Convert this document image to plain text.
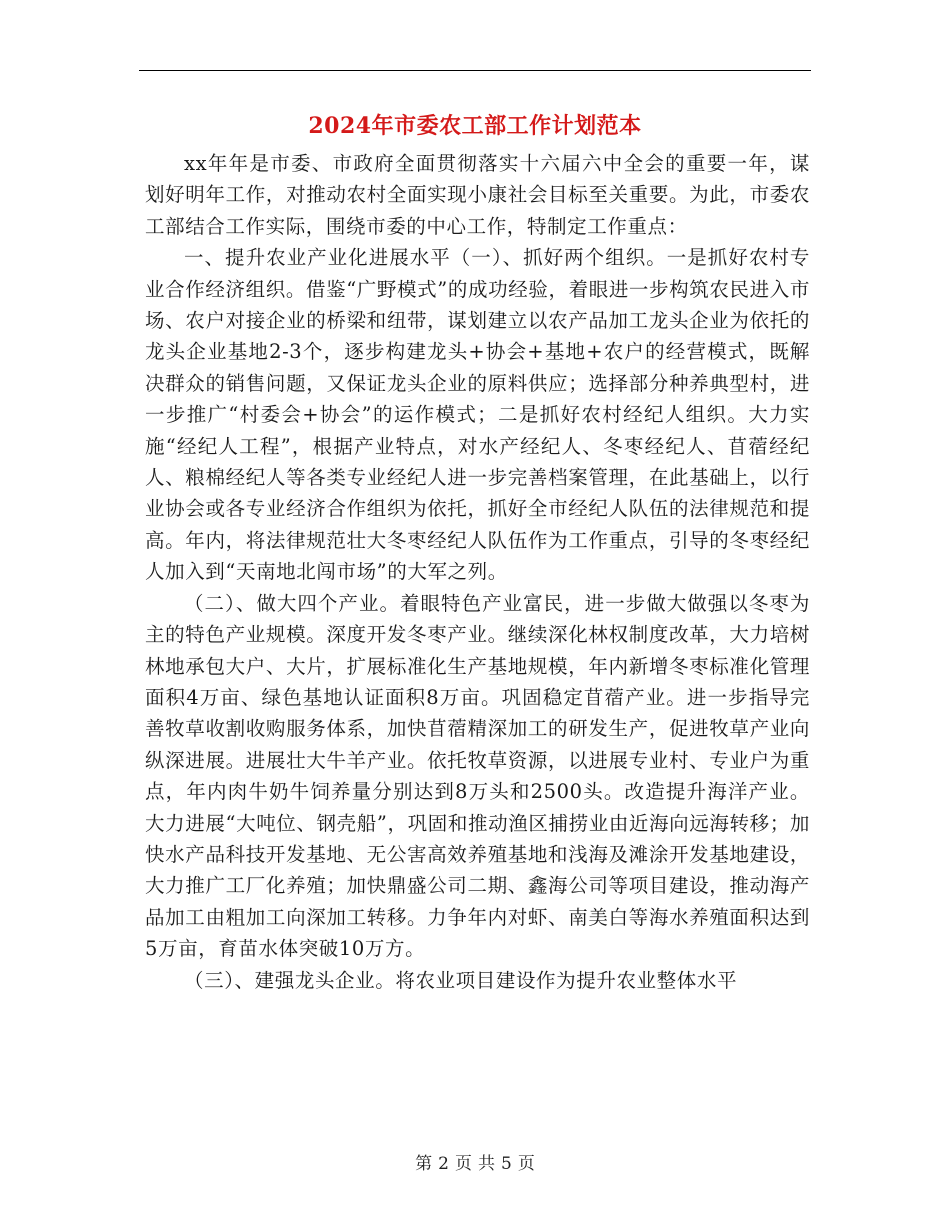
2024年市委农工部工作计划范本

xx年年是市委、市政府全面贯彻落实十六届六中全会的重要一年，谋划好明年工作，对推动农村全面实现小康社会目标至关重要。为此，市委农工部结合工作实际，围绕市委的中心工作，特制定工作重点：

一、提升农业产业化进展水平（一）、抓好两个组织。一是抓好农村专业合作经济组织。借鉴“广野模式”的成功经验，着眼进一步构筑农民进入市场、农户对接企业的桥梁和纽带，谋划建立以农产品加工龙头企业为依托的龙头企业基地2-3个，逐步构建龙头+协会+基地+农户的经营模式，既解决群众的销售问题，又保证龙头企业的原料供应；选择部分种养典型村，进一步推广“村委会+协会”的运作模式；二是抓好农村经纪人组织。大力实施“经纪人工程”，根据产业特点，对水产经纪人、冬枣经纪人、苜蓿经纪人、粮棉经纪人等各类专业经纪人进一步完善档案管理，在此基础上，以行业协会或各专业经济合作组织为依托，抓好全市经纪人队伍的法律规范和提高。年内，将法律规范壮大冬枣经纪人队伍作为工作重点，引导的冬枣经纪人加入到“天南地北闯市场”的大军之列。

（二）、做大四个产业。着眼特色产业富民，进一步做大做强以冬枣为主的特色产业规模。深度开发冬枣产业。继续深化林权制度改革，大力培树林地承包大户、大片，扩展标准化生产基地规模，年内新增冬枣标准化管理面积4万亩、绿色基地认证面积8万亩。巩固稳定苜蓿产业。进一步指导完善牧草收割收购服务体系，加快苜蓿精深加工的研发生产，促进牧草产业向纵深进展。进展壮大牛羊产业。依托牧草资源，以进展专业村、专业户为重点，年内肉牛奶牛饲养量分别达到8万头和2500头。改造提升海洋产业。大力进展“大吨位、钢壳船”，巩固和推动渔区捕捞业由近海向远海转移；加快水产品科技开发基地、无公害高效养殖基地和浅海及滩涂开发基地建设，大力推广工厂化养殖；加快鼎盛公司二期、鑫海公司等项目建设，推动海产品加工由粗加工向深加工转移。力争年内对虾、南美白等海水养殖面积达到5万亩，育苗水体突破10万方。

（三）、建强龙头企业。将农业项目建设作为提升农业整体水平

第 2 页 共 5 页
